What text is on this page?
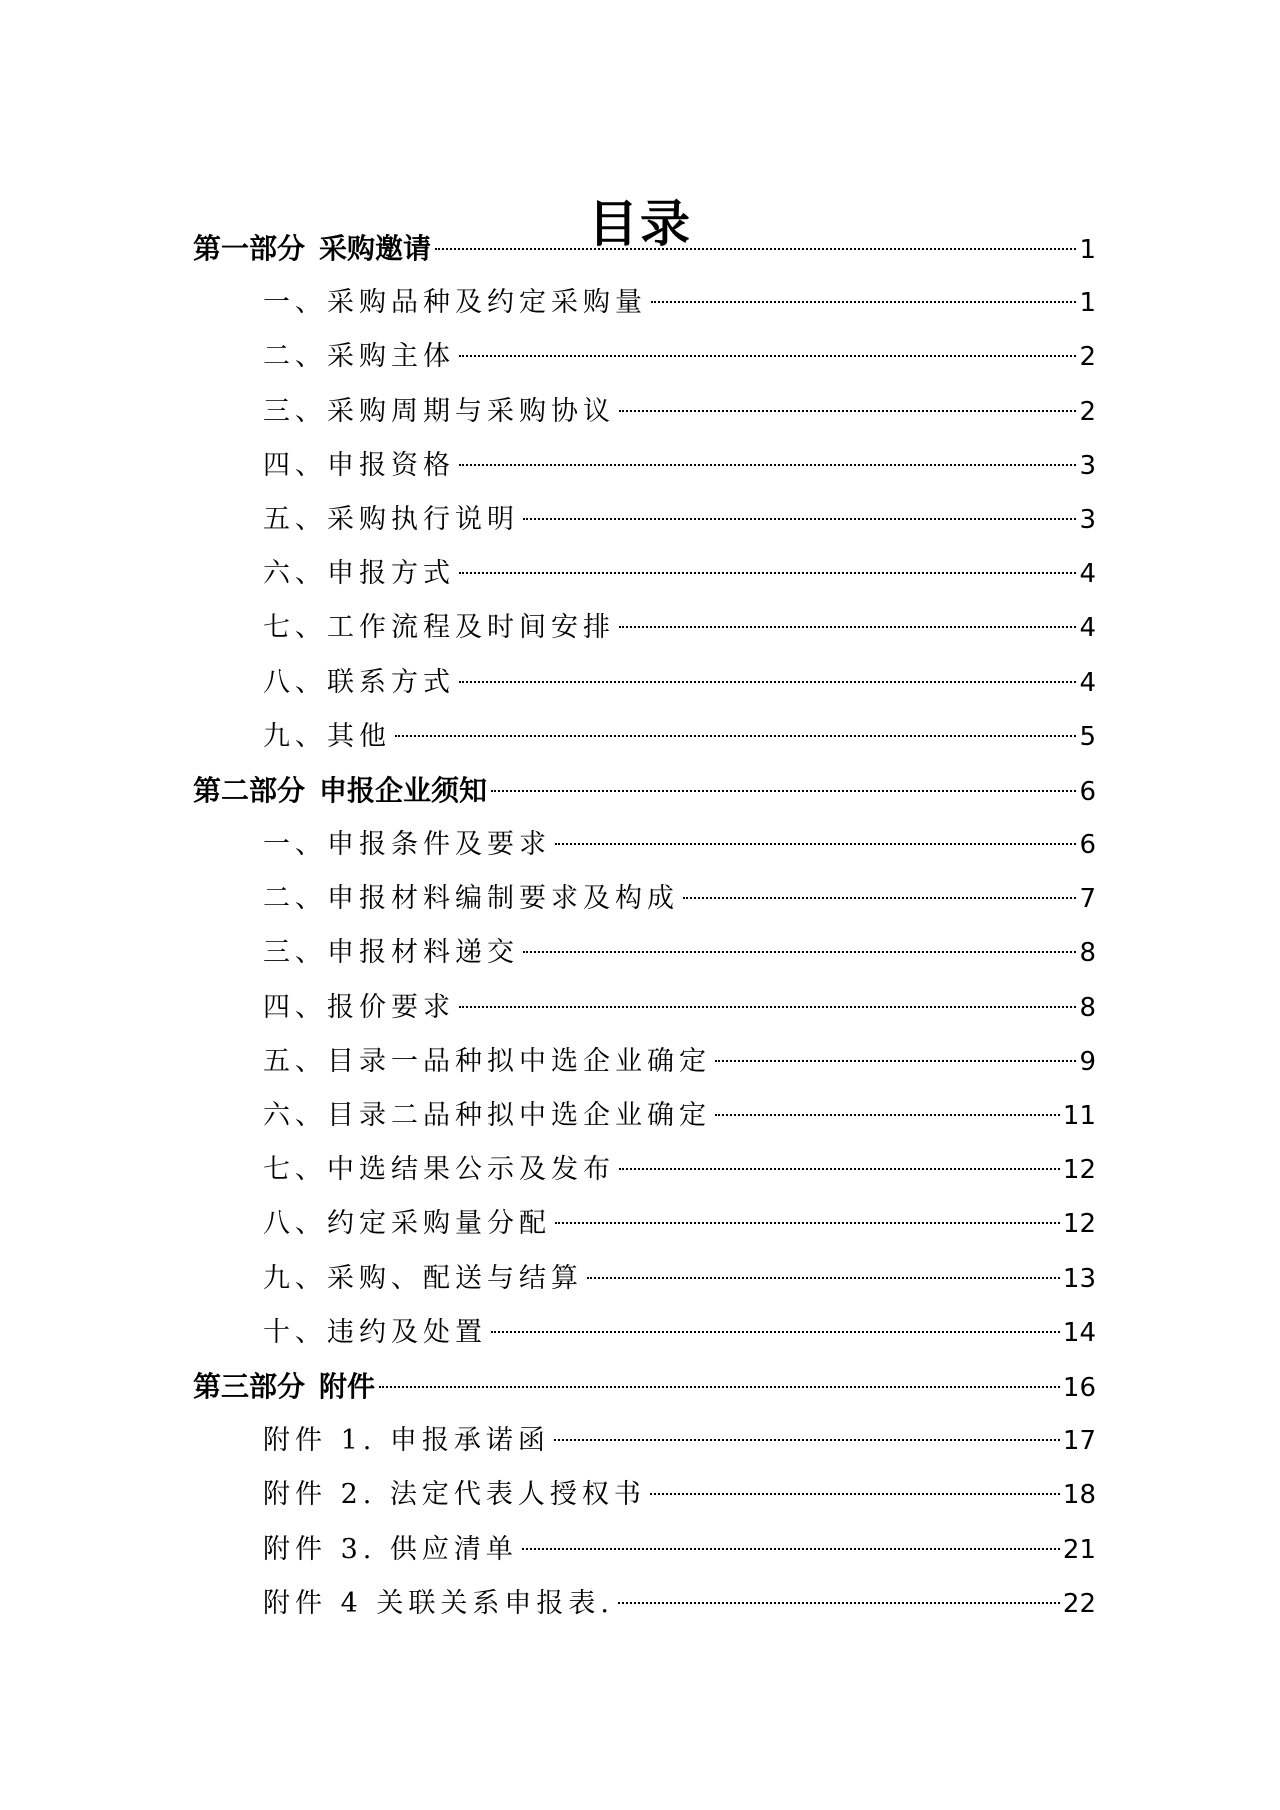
目录
第一部分 采购邀请	1
一、采购品种及约定采购量	1
二、采购主体	2
三、采购周期与采购协议	2
四、申报资格	3
五、采购执行说明	3
六、申报方式	4
七、工作流程及时间安排	4
八、联系方式	4
九、其他	5
第二部分 申报企业须知	6
一、申报条件及要求	6
二、申报材料编制要求及构成	7
三、申报材料递交	8
四、报价要求	8
五、目录一品种拟中选企业确定	9
六、目录二品种拟中选企业确定	11
七、中选结果公示及发布	12
八、约定采购量分配	12
九、采购、配送与结算	13
十、违约及处置	14
第三部分 附件	16
附件 1. 申报承诺函	17
附件 2. 法定代表人授权书	18
附件 3. 供应清单	21
附件 4 关联关系申报表.	22
